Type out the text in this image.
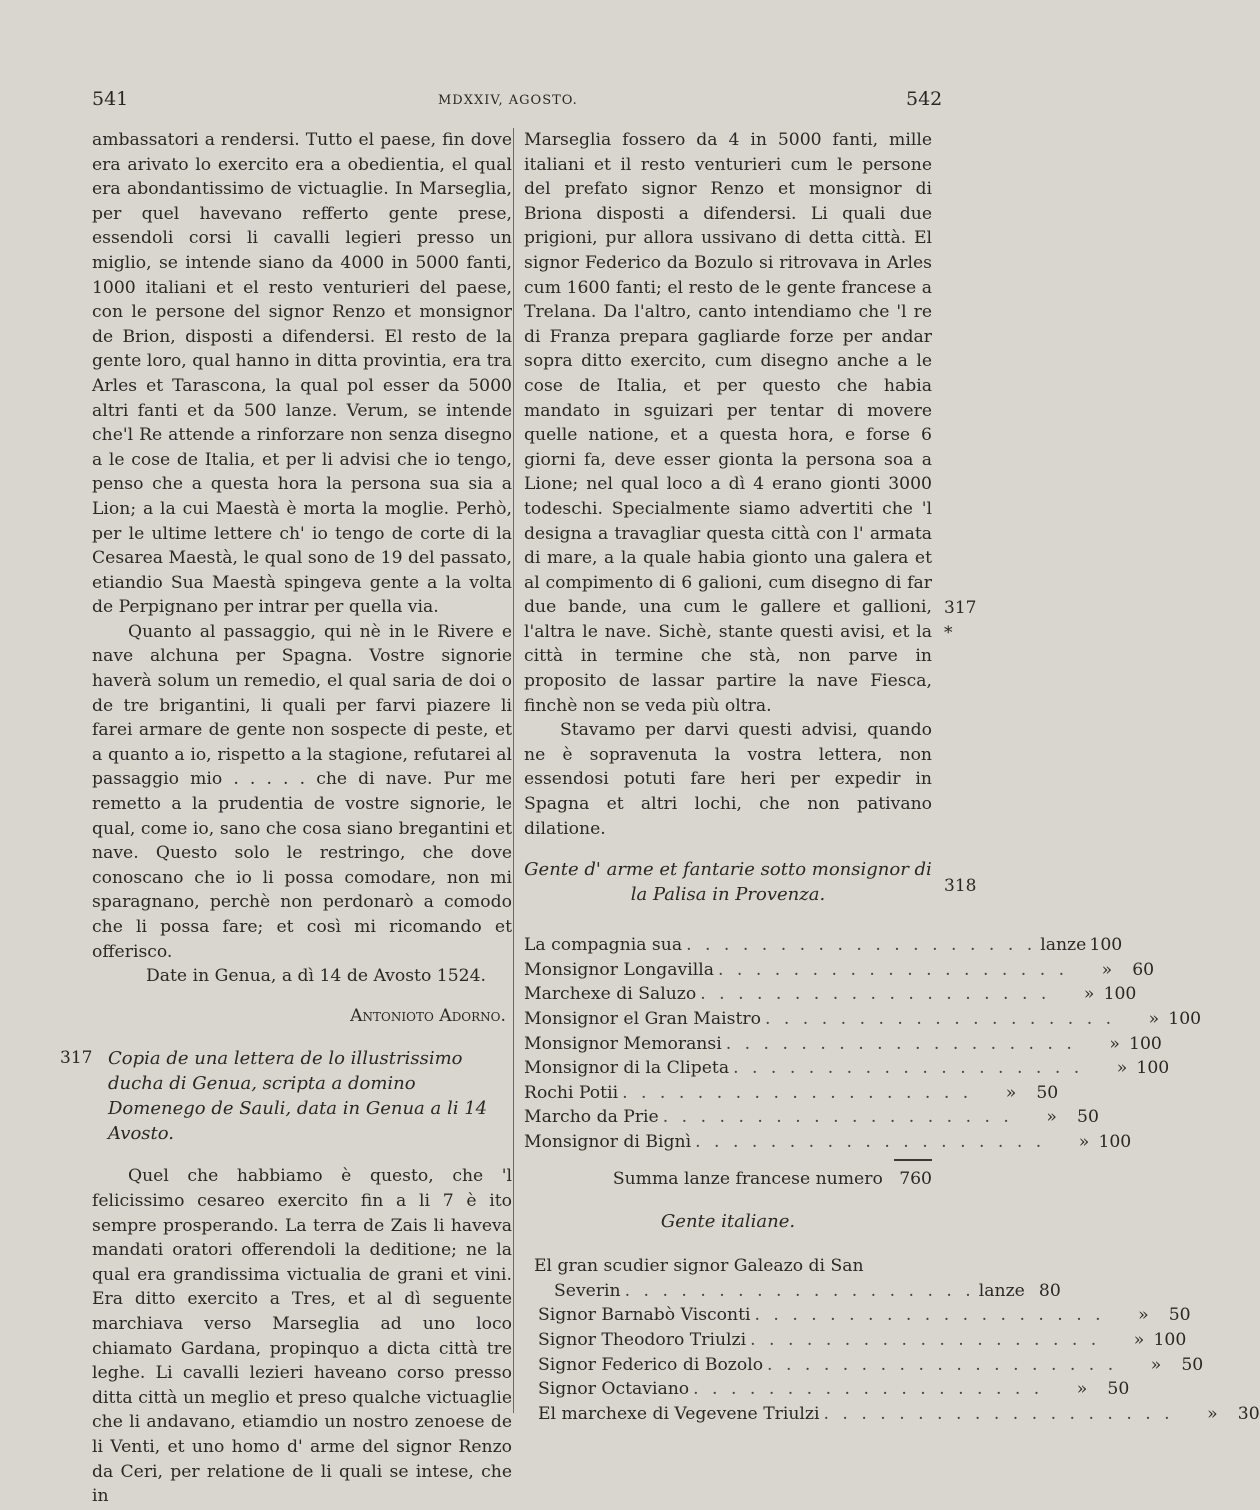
541	MDXXIV, AGOSTO.	542

ambassatori a rendersi. Tutto el paese, fin dove era arivato lo exercito era a obedientia, el qual era abondantissimo de victuaglie. In Marseglia, per quel havevano refferto gente prese, essendoli corsi li cavalli legieri presso un miglio, se intende siano da 4000 in 5000 fanti, 1000 italiani et el resto venturieri del paese, con le persone del signor Renzo et monsignor de Brion, disposti a difendersi. El resto de la gente loro, qual hanno in ditta provintia, era tra Arles et Tarascona, la qual pol esser da 5000 altri fanti et da 500 lanze. Verum, se intende che'l Re attende a rinforzare non senza disegno a le cose de Italia, et per li advisi che io tengo, penso che a questa hora la persona sua sia a Lion; a la cui Maestà è morta la moglie. Perhò, per le ultime lettere ch' io tengo de corte di la Cesarea Maestà, le qual sono de 19 del passato, etiandio Sua Maestà spingeva gente a la volta de Perpignano per intrar per quella via.

Quanto al passaggio, qui nè in le Rivere e nave alchuna per Spagna. Vostre signorie haverà solum un remedio, el qual saria de doi o de tre brigantini, li quali per farvi piazere li farei armare de gente non sospecte di peste, et a quanto a io, rispetto a la stagione, refutarei al passaggio mio . . . . . che di nave. Pur me remetto a la prudentia de vostre signorie, le qual, come io, sano che cosa siano bregantini et nave. Questo solo le restringo, che dove conoscano che io li possa comodare, non mi sparagnano, perchè non perdonarò a comodo che li possa fare; et così mi ricomando et offerisco.

Date in Genua, a dì 14 de Avosto 1524.

Antonioto Adorno.

317 Copia de una lettera de lo illustrissimo ducha di Genua, scripta a domino Domenego de Sauli, data in Genua a li 14 Avosto.

Quel che habbiamo è questo, che 'l felicissimo cesareo exercito fin a li 7 è ito sempre prosperando. La terra de Zais li haveva mandati oratori offerendoli la deditione; ne la qual era grandissima victualia de grani et vini. Era ditto exercito a Tres, et al dì seguente marchiava verso Marseglia ad uno loco chiamato Gardana, propinquo a dicta città tre leghe. Li cavalli lezieri haveano corso presso ditta città un meglio et preso qualche victuaglie che li andavano, etiamdio un nostro zenoese de li Venti, et uno homo d' arme del signor Renzo da Ceri, per relatione de li quali se intese, che in

Marseglia fossero da 4 in 5000 fanti, mille italiani et il resto venturieri cum le persone del prefato signor Renzo et monsignor di Briona disposti a difendersi. Li quali due prigioni, pur allora ussivano di detta città. El signor Federico da Bozulo si ritrovava in Arles cum 1600 fanti; el resto de le gente francese a Trelana. Da l'altro, canto intendiamo che 'l re di Franza prepara gagliarde forze per andar sopra ditto exercito, cum disegno anche a le cose de Italia, et per questo che habia mandato in sguizari per tentar di movere quelle natione, et a questa hora, e forse 6 giorni fa, deve esser gionta la persona soa a Lione; nel qual loco a dì 4 erano gionti 3000 todeschi. Specialmente siamo advertiti che 'l designa a travagliar questa città con l' armata di mare, a la quale habia gionto una galera et al compimento di 6 galioni, cum disegno di far due bande, una cum le gallere et gallioni, l'altra le nave. Sichè, stante questi avisi, et la città in termine che stà, non parve in proposito de lassar partire la nave Fiesca, finchè non se veda più oltra.

317 *

Stavamo per darvi questi advisi, quando ne è sopravenuta la vostra lettera, non essendosi potuti fare heri per expedir in Spagna et altri lochi, che non pativano dilatione.

318

Gente d' arme et fantarie sotto monsignor di la Palisa in Provenza.

La compagnia sua . . . . . . . . . . . . . . . . . . . lanze 100
Monsignor Longavilla . . . . . . . . . . . . . . . . . . .	»	60
Marchexe di Saluzo . . . . . . . . . . . . . . . . . . .	» 100
Monsignor el Gran Maistro . . . . . . . . . . . . . . . . . . .	» 100
Monsignor Memoransi . . . . . . . . . . . . . . . . . . .	» 100
Monsignor di la Clipeta . . . . . . . . . . . . . . . . . . .	» 100
Rochi Potii . . . . . . . . . . . . . . . . . . .	»	50
Marcho da Prie . . . . . . . . . . . . . . . . . . .	»	50
Monsignor di Bignì . . . . . . . . . . . . . . . . . . .	» 100
Summa lanze francese numero 760

Gente italiane.

El gran scudier signor Galeazo di San
Severin . . . . . . . . . . . . . . . . . . . lanze 80
Signor Barnabò Visconti . . . . . . . . . . . . . . . . . . .	»	50
Signor Theodoro Triulzi . . . . . . . . . . . . . . . . . . .	» 100
Signor Federico di Bozolo . . . . . . . . . . . . . . . . . . .	»	50
Signor Octaviano . . . . . . . . . . . . . . . . . . .	»	50
El marchexe di Vegevene Triulzi . . . . . . . . . . . . . . . . . . .	»	30
